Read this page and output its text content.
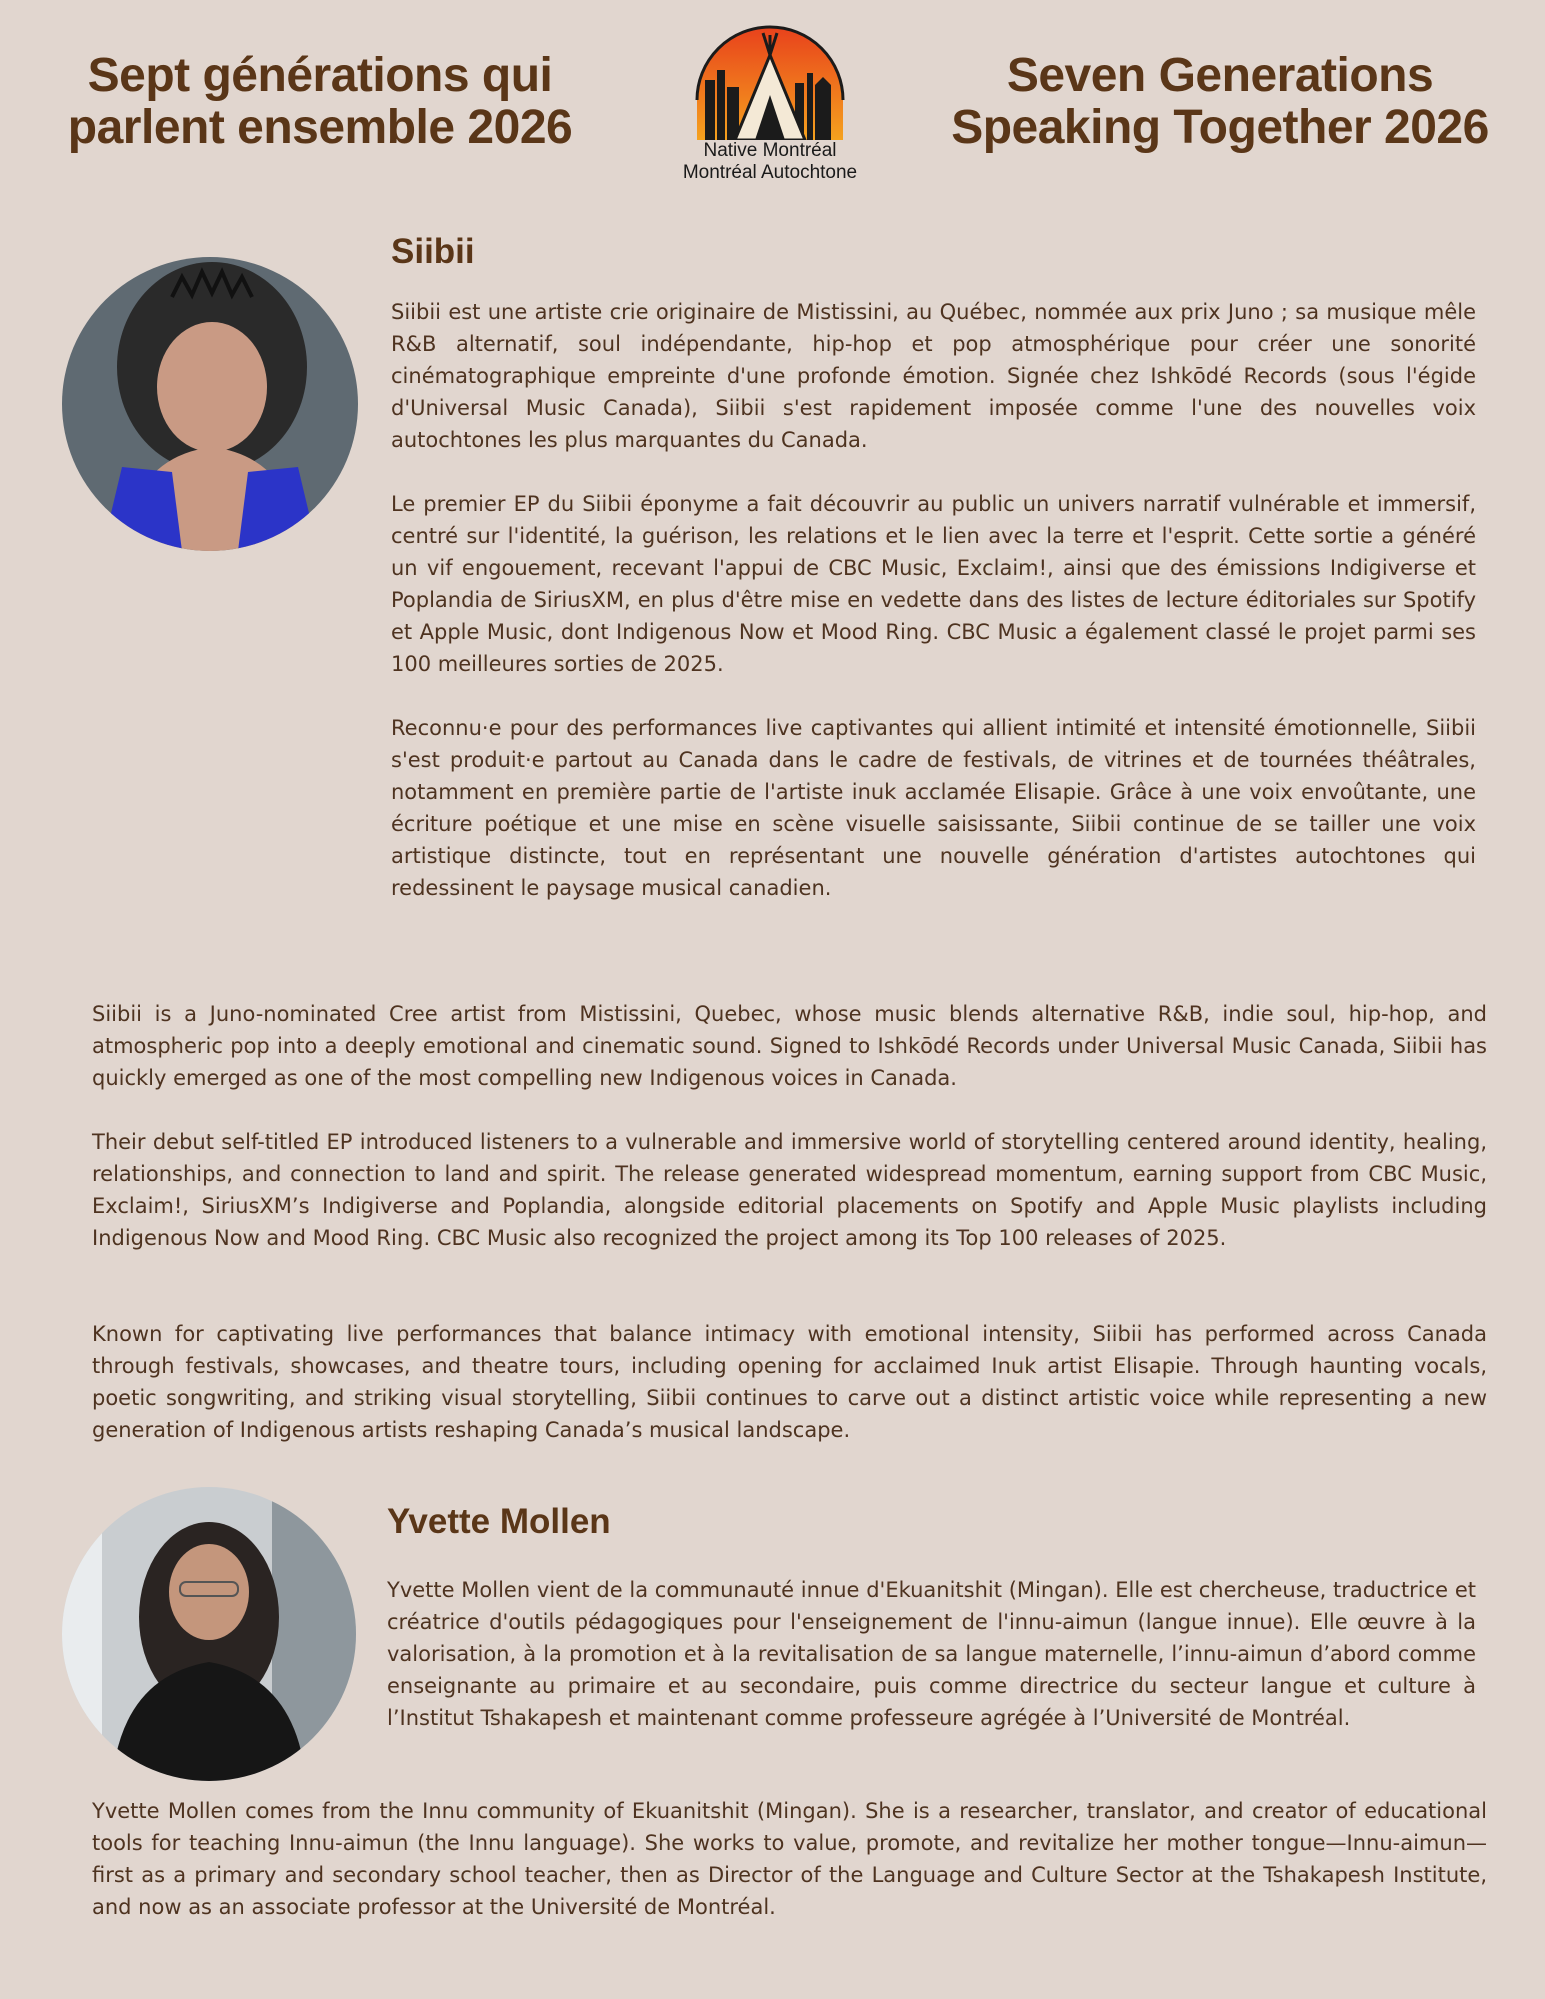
Sept générations qui parlent ensemble 2026	Native Montréal
Montréal Autochtone
Seven Generations Speaking Together 2026
Siibii

Siibii est une artiste crie originaire de Mistissini, au Québec, nommée aux prix Juno ; sa musique mêle R&B alternatif, soul indépendante, hip-hop et pop atmosphérique pour créer une sonorité cinématographique empreinte d'une profonde émotion. Signée chez Ishkōdé Records (sous l'égide d'Universal Music Canada), Siibii s'est rapidement imposée comme l'une des nouvelles voix autochtones les plus marquantes du Canada.

Le premier EP du Siibii éponyme a fait découvrir au public un univers narratif vulnérable et immersif, centré sur l'identité, la guérison, les relations et le lien avec la terre et l'esprit. Cette sortie a généré un vif engouement, recevant l'appui de CBC Music, Exclaim!, ainsi que des émissions Indigiverse et Poplandia de SiriusXM, en plus d'être mise en vedette dans des listes de lecture éditoriales sur Spotify et Apple Music, dont Indigenous Now et Mood Ring. CBC Music a également classé le projet parmi ses 100 meilleures sorties de 2025.

Reconnu·e pour des performances live captivantes qui allient intimité et intensité émotionnelle, Siibii s'est produit·e partout au Canada dans le cadre de festivals, de vitrines et de tournées théâtrales, notamment en première partie de l'artiste inuk acclamée Elisapie. Grâce à une voix envoûtante, une écriture poétique et une mise en scène visuelle saisissante, Siibii continue de se tailler une voix artistique distincte, tout en représentant une nouvelle génération d'artistes autochtones qui redessinent le paysage musical canadien.

Siibii is a Juno-nominated Cree artist from Mistissini, Quebec, whose music blends alternative R&B, indie soul, hip-hop, and atmospheric pop into a deeply emotional and cinematic sound. Signed to Ishkōdé Records under Universal Music Canada, Siibii has quickly emerged as one of the most compelling new Indigenous voices in Canada.

Their debut self-titled EP introduced listeners to a vulnerable and immersive world of storytelling centered around identity, healing, relationships, and connection to land and spirit. The release generated widespread momentum, earning support from CBC Music, Exclaim!, SiriusXM’s Indigiverse and Poplandia, alongside editorial placements on Spotify and Apple Music playlists including Indigenous Now and Mood Ring. CBC Music also recognized the project among its Top 100 releases of 2025.

Known for captivating live performances that balance intimacy with emotional intensity, Siibii has performed across Canada through festivals, showcases, and theatre tours, including opening for acclaimed Inuk artist Elisapie. Through haunting vocals, poetic songwriting, and striking visual storytelling, Siibii continues to carve out a distinct artistic voice while representing a new generation of Indigenous artists reshaping Canada’s musical landscape.

Yvette Mollen

Yvette Mollen vient de la communauté innue d'Ekuanitshit (Mingan). Elle est chercheuse, traductrice et créatrice d'outils pédagogiques pour l'enseignement de l'innu-aimun (langue innue). Elle œuvre à la valorisation, à la promotion et à la revitalisation de sa langue maternelle, l’innu-aimun d’abord comme enseignante au primaire et au secondaire, puis comme directrice du secteur langue et culture à l’Institut Tshakapesh et maintenant comme professeure agrégée à l’Université de Montréal.

Yvette Mollen comes from the Innu community of Ekuanitshit (Mingan). She is a researcher, translator, and creator of educational tools for teaching Innu-aimun (the Innu language). She works to value, promote, and revitalize her mother tongue—Innu-aimun—first as a primary and secondary school teacher, then as Director of the Language and Culture Sector at the Tshakapesh Institute, and now as an associate professor at the Université de Montréal.
